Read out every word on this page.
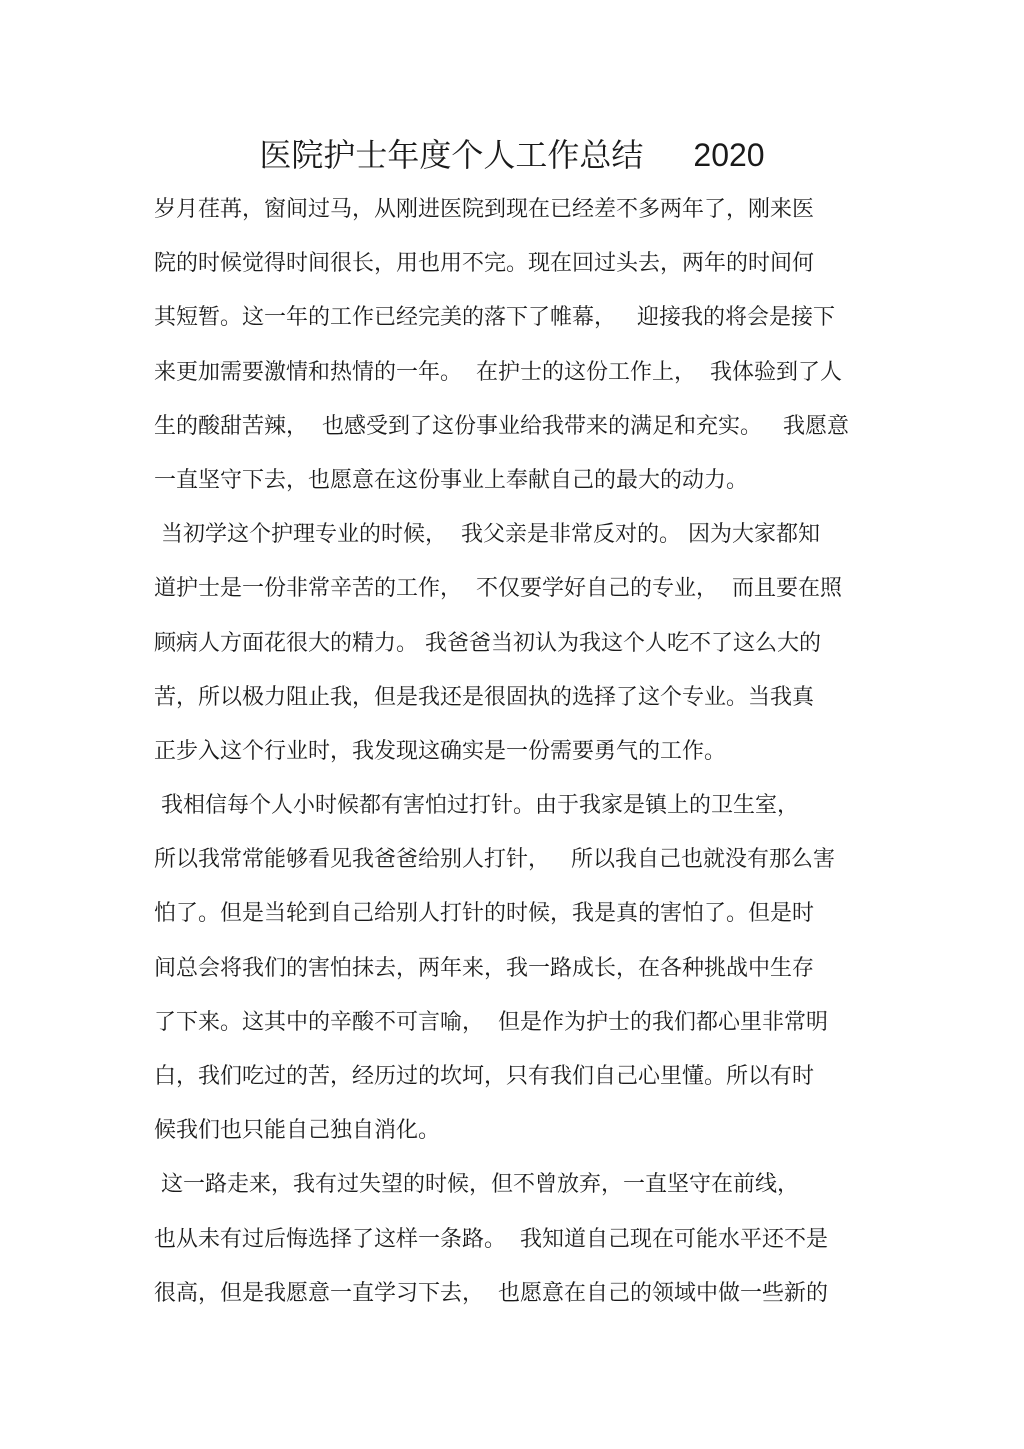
医院护士年度个人工作总结 2020
岁月荏苒，窗间过马，从刚进医院到现在已经差不多两年了，刚来医
院的时候觉得时间很长，用也用不完。现在回过头去，两年的时间何
其短暂。这一年的工作已经完美的落下了帷幕，   迎接我的将会是接下
来更加需要激情和热情的一年。  在护士的这份工作上，  我体验到了人
生的酸甜苦辣，  也感受到了这份事业给我带来的满足和充实。   我愿意
一直坚守下去，也愿意在这份事业上奉献自己的最大的动力。
当初学这个护理专业的时候，  我父亲是非常反对的。 因为大家都知
道护士是一份非常辛苦的工作，  不仅要学好自己的专业，  而且要在照
顾病人方面花很大的精力。 我爸爸当初认为我这个人吃不了这么大的
苦，所以极力阻止我，但是我还是很固执的选择了这个专业。当我真
正步入这个行业时，我发现这确实是一份需要勇气的工作。
我相信每个人小时候都有害怕过打针。由于我家是镇上的卫生室，
所以我常常能够看见我爸爸给别人打针，   所以我自己也就没有那么害
怕了。但是当轮到自己给别人打针的时候，我是真的害怕了。但是时
间总会将我们的害怕抹去，两年来，我一路成长，在各种挑战中生存
了下来。这其中的辛酸不可言喻，  但是作为护士的我们都心里非常明
白，我们吃过的苦，经历过的坎坷，只有我们自己心里懂。所以有时
候我们也只能自己独自消化。
这一路走来，我有过失望的时候，但不曾放弃，一直坚守在前线，
也从未有过后悔选择了这样一条路。  我知道自己现在可能水平还不是
很高，但是我愿意一直学习下去，  也愿意在自己的领域中做一些新的
